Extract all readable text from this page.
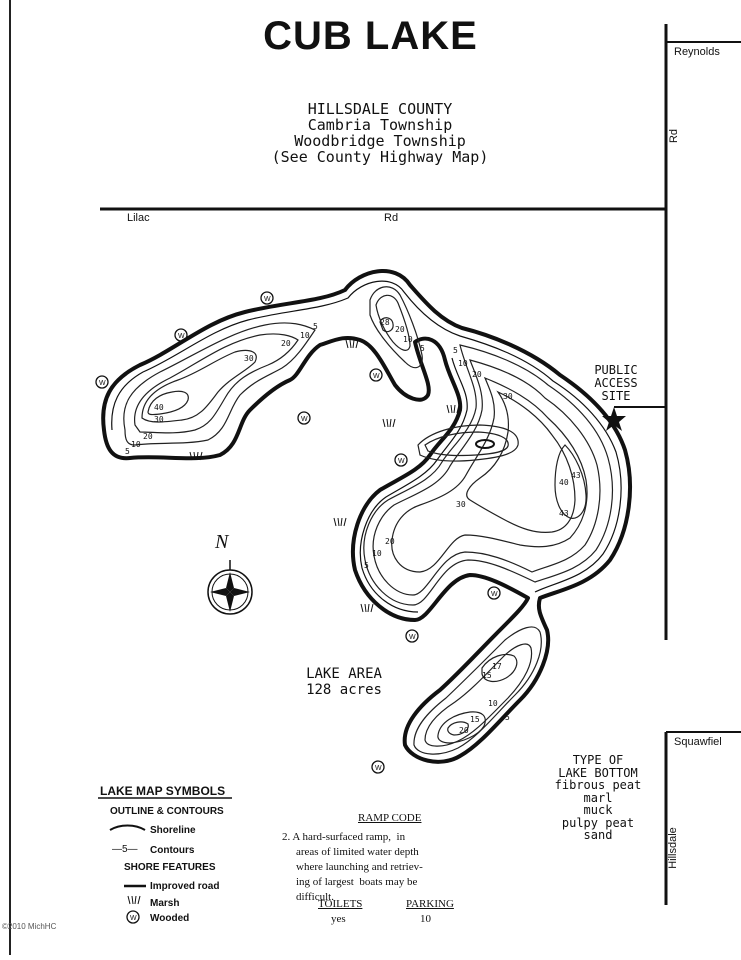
W
W
W
W
W
W
W
W
W
W
CUB LAKE
HILLSDALE COUNTY
Cambria Township
Woodbridge Township
(See County Highway Map)
Lilac	Rd
Reynolds
Rd
Squawfiel
Hillsdale
PUBLIC
ACCESS
SITE
LAKE AREA
128 acres
N
5
10
20
30
40
30
20
10
5	28
20
10
5	5
10
20
30
43
40
43
30
20
10
5
17
15
10
5
15
20
LAKE MAP SYMBOLS
OUTLINE & CONTOURS
Shoreline
—5— Contours
SHORE FEATURES
Improved road
Marsh
Wooded
RAMP CODE
2. A hard-surfaced ramp,  in
areas of limited water depth
where launching and retriev-
ing of largest  boats may be
difficult.
TOILETS
yes
PARKING
10
TYPE OF
LAKE BOTTOM
fibrous peat
marl
muck
pulpy peat
sand
©2010 MichHC
